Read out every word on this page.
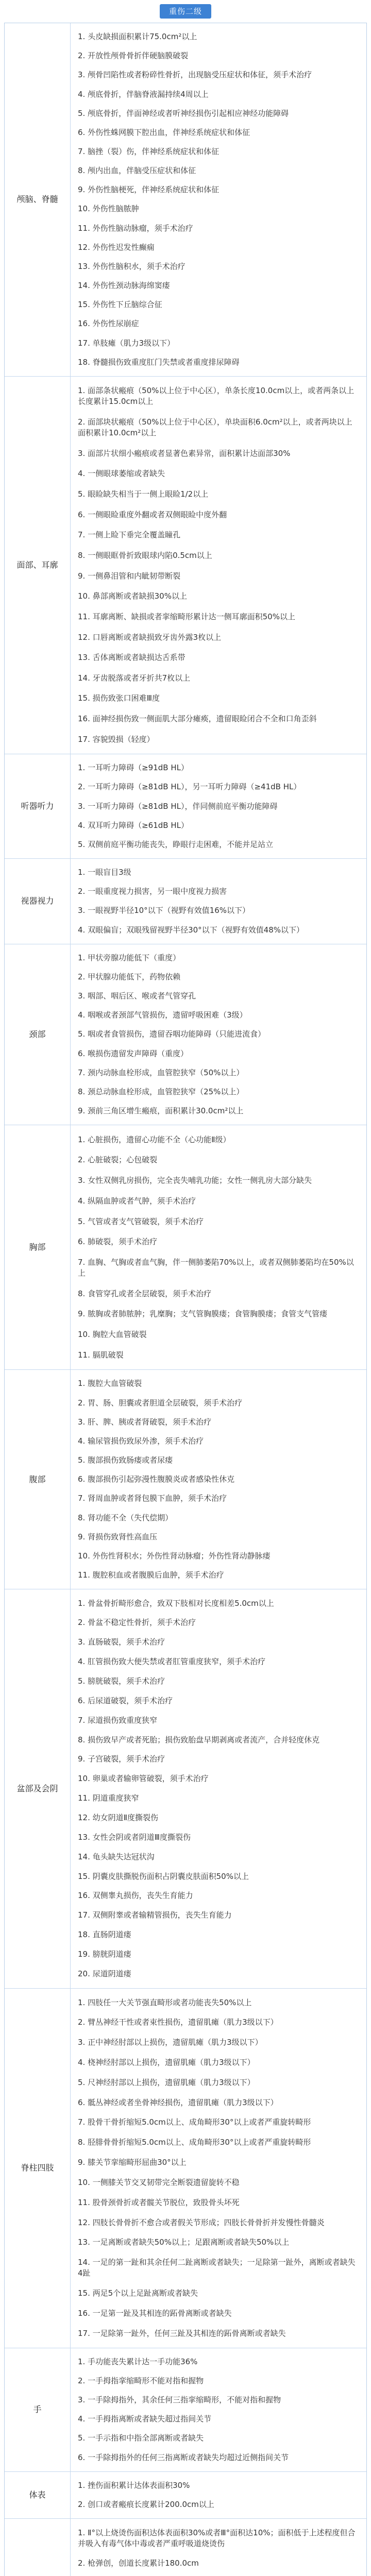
重伤二级
颅脑、脊髓
1. 头皮缺损面积累计75.0cm²以上
2. 开放性颅骨骨折伴硬脑膜破裂
3. 颅骨凹陷性或者粉碎性骨折，出现脑受压症状和体征，须手术治疗
4. 颅底骨折，伴脑脊液漏持续4周以上
5. 颅底骨折，伴面神经或者听神经损伤引起相应神经功能障碍
6. 外伤性蛛网膜下腔出血，伴神经系统症状和体征
7. 脑挫（裂）伤，伴神经系统症状和体征
8. 颅内出血，伴脑受压症状和体征
9. 外伤性脑梗死，伴神经系统症状和体征
10. 外伤性脑脓肿
11. 外伤性脑动脉瘤，须手术治疗
12. 外伤性迟发性癫痫
13. 外伤性脑积水，须手术治疗
14. 外伤性颈动脉海绵窦瘘
15. 外伤性下丘脑综合征
16. 外伤性尿崩症
17. 单肢瘫（肌力3级以下）
18. 脊髓损伤致重度肛门失禁或者重度排尿障碍
面部、耳廓
1. 面部条状瘢痕（50%以上位于中心区），单条长度10.0cm以上，或者两条以上长度累计15.0cm以上
2. 面部块状瘢痕（50%以上位于中心区），单块面积6.0cm²以上，或者两块以上面积累计10.0cm²以上
3. 面部片状细小瘢痕或者显著色素异常，面积累计达面部30%
4. 一侧眼球萎缩或者缺失
5. 眼睑缺失相当于一侧上眼睑1/2以上
6. 一侧眼睑重度外翻或者双侧眼睑中度外翻
7. 一侧上睑下垂完全覆盖瞳孔
8. 一侧眼眶骨折致眼球内陷0.5cm以上
9. 一侧鼻泪管和内眦韧带断裂
10. 鼻部离断或者缺损30%以上
11. 耳廓离断、缺损或者挛缩畸形累计达一侧耳廓面积50%以上
12. 口唇离断或者缺损致牙齿外露3枚以上
13. 舌体离断或者缺损达舌系带
14. 牙齿脱落或者牙折共7枚以上
15. 损伤致张口困难Ⅲ度
16. 面神经损伤致一侧面肌大部分瘫痪，遗留眼睑闭合不全和口角歪斜
17. 容貌毁损（轻度）
听器听力
1. 一耳听力障碍（≥91dB HL）
2. 一耳听力障碍（≥81dB HL），另一耳听力障碍（≥41dB HL）
3. 一耳听力障碍（≥81dB HL），伴同侧前庭平衡功能障碍
4. 双耳听力障碍（≥61dB HL）
5. 双侧前庭平衡功能丧失，睁眼行走困难，不能并足站立
视器视力
1. 一眼盲目3级
2. 一眼重度视力损害，另一眼中度视力损害
3. 一眼视野半径10°以下（视野有效值16%以下）
4. 双眼偏盲；双眼残留视野半径30°以下（视野有效值48%以下）
颈部
1. 甲状旁腺功能低下（重度）
2. 甲状腺功能低下，药物依赖
3. 咽部、咽后区、喉或者气管穿孔
4. 咽喉或者颈部气管损伤，遗留呼吸困难（3级）
5. 咽或者食管损伤，遗留吞咽功能障碍（只能进流食）
6. 喉损伤遗留发声障碍（重度）
7. 颈内动脉血栓形成，血管腔狭窄（50%以上）
8. 颈总动脉血栓形成，血管腔狭窄（25%以上）
9. 颈前三角区增生瘢痕，面积累计30.0cm²以上
胸部
1. 心脏损伤，遗留心功能不全（心功能Ⅱ级）
2. 心脏破裂；心包破裂
3. 女性双侧乳房损伤，完全丧失哺乳功能；女性一侧乳房大部分缺失
4. 纵隔血肿或者气肿，须手术治疗
5. 气管或者支气管破裂，须手术治疗
6. 肺破裂，须手术治疗
7. 血胸、气胸或者血气胸，伴一侧肺萎陷70%以上，或者双侧肺萎陷均在50%以上
8. 食管穿孔或者全层破裂，须手术治疗
9. 脓胸或者肺脓肿；乳糜胸；支气管胸膜瘘；食管胸膜瘘；食管支气管瘘
10. 胸腔大血管破裂
11. 膈肌破裂
腹部
1. 腹腔大血管破裂
2. 胃、肠、胆囊或者胆道全层破裂，须手术治疗
3. 肝、脾、胰或者肾破裂，须手术治疗
4. 输尿管损伤致尿外渗，须手术治疗
5. 腹部损伤致肠瘘或者尿瘘
6. 腹部损伤引起弥漫性腹膜炎或者感染性休克
7. 肾周血肿或者肾包膜下血肿，须手术治疗
8. 肾功能不全（失代偿期）
9. 肾损伤致肾性高血压
10. 外伤性肾积水；外伤性肾动脉瘤；外伤性肾动静脉瘘
11. 腹腔积血或者腹膜后血肿，须手术治疗
盆部及会阴
1. 骨盆骨折畸形愈合，致双下肢相对长度相差5.0cm以上
2. 骨盆不稳定性骨折，须手术治疗
3. 直肠破裂，须手术治疗
4. 肛管损伤致大便失禁或者肛管重度狭窄，须手术治疗
5. 膀胱破裂，须手术治疗
6. 后尿道破裂，须手术治疗
7. 尿道损伤致重度狭窄
8. 损伤致早产或者死胎；损伤致胎盘早期剥离或者流产，合并轻度休克
9. 子宫破裂，须手术治疗
10. 卵巢或者输卵管破裂，须手术治疗
11. 阴道重度狭窄
12. 幼女阴道Ⅱ度撕裂伤
13. 女性会阴或者阴道Ⅲ度撕裂伤
14. 龟头缺失达冠状沟
15. 阴囊皮肤撕脱伤面积占阴囊皮肤面积50%以上
16. 双侧睾丸损伤，丧失生育能力
17. 双侧附睾或者输精管损伤，丧失生育能力
18. 直肠阴道瘘
19. 膀胱阴道瘘
20. 尿道阴道瘘
脊柱四肢
1. 四肢任一大关节强直畸形或者功能丧失50%以上
2. 臂丛神经干性或者束性损伤，遗留肌瘫（肌力3级以下）
3. 正中神经肘部以上损伤，遗留肌瘫（肌力3级以下）
4. 桡神经肘部以上损伤，遗留肌瘫（肌力3级以下）
5. 尺神经肘部以上损伤，遗留肌瘫（肌力3级以下）
6. 骶丛神经或者坐骨神经损伤，遗留肌瘫（肌力3级以下）
7. 股骨干骨折缩短5.0cm以上、成角畸形30°以上或者严重旋转畸形
8. 胫腓骨骨折缩短5.0cm以上、成角畸形30°以上或者严重旋转畸形
9. 膝关节挛缩畸形屈曲30°以上
10. 一侧膝关节交叉韧带完全断裂遗留旋转不稳
11. 股骨颈骨折或者髋关节脱位，致股骨头坏死
12. 四肢长骨骨折不愈合或者假关节形成；四肢长骨骨折并发慢性骨髓炎
13. 一足离断或者缺失50%以上；足跟离断或者缺失50%以上
14. 一足的第一趾和其余任何二趾离断或者缺失；一足除第一趾外，离断或者缺失4趾
15. 两足5个以上足趾离断或者缺失
16. 一足第一趾及其相连的跖骨离断或者缺失
17. 一足除第一趾外，任何三趾及其相连的跖骨离断或者缺失
手
1. 手功能丧失累计达一手功能36%
2. 一手拇指挛缩畸形不能对指和握物
3. 一手除拇指外，其余任何三指挛缩畸形，不能对指和握物
4. 一手拇指离断或者缺失超过指间关节
5. 一手示指和中指全部离断或者缺失
6. 一手除拇指外的任何三指离断或者缺失均超过近侧指间关节
体表
1. 挫伤面积累计达体表面积30%
2. 创口或者瘢痕长度累计200.0cm以上
1. Ⅱ°以上烧烫伤面积达体表面积30%或者Ⅲ°面积达10%；面积低于上述程度但合并吸入有毒气体中毒或者严重呼吸道烧烫伤
2. 枪弹创，创道长度累计180.0cm
